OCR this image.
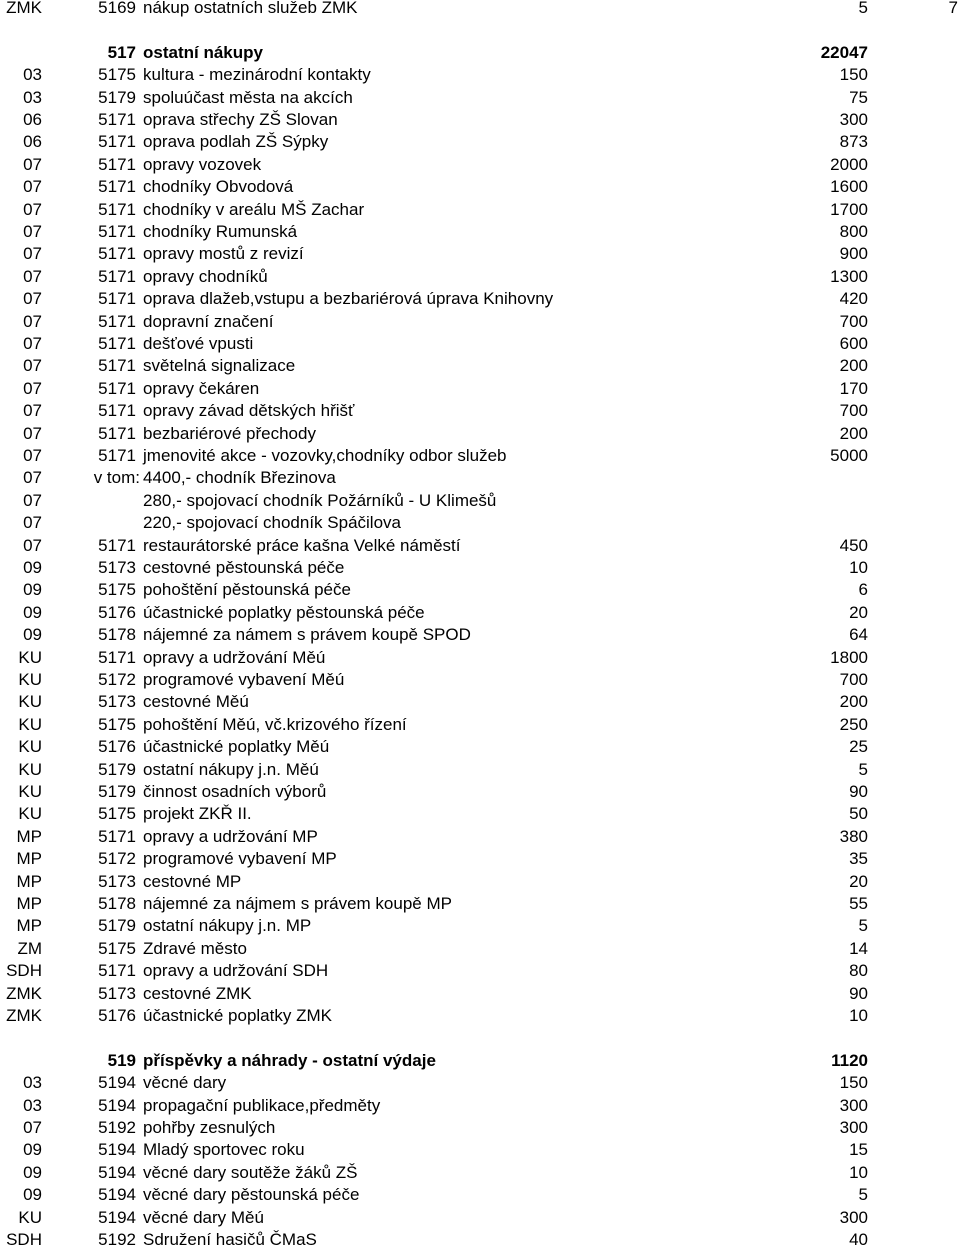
ZMK	5169 nákup ostatních služeb ZMK	5	7
517 ostatní nákupy	22047
03	5175 kultura - mezinárodní kontakty	150
03	5179 spoluúčast města na akcích	75
06	5171 oprava střechy ZŠ Slovan	300
06	5171 oprava podlah ZŠ Sýpky	873
07	5171 opravy vozovek	2000
07	5171 chodníky Obvodová	1600
07	5171 chodníky v areálu MŠ Zachar	1700
07	5171 chodníky Rumunská	800
07	5171 opravy mostů z revizí	900
07	5171 opravy chodníků	1300
07	5171 oprava dlažeb,vstupu a bezbariérová úprava Knihovny	420
07	5171 dopravní značení	700
07	5171 dešťové vpusti	600
07	5171 světelná signalizace	200
07	5171 opravy čekáren	170
07	5171 opravy závad dětských hřišť	700
07	5171 bezbariérové přechody	200
07	5171 jmenovité akce - vozovky,chodníky odbor služeb	5000
07	v tom: 4400,- chodník Březinova
07	280,- spojovací chodník Požárníků - U Klimešů
07	220,- spojovací chodník Spáčilova
07	5171 restaurátorské práce kašna Velké náměstí	450
09	5173 cestovné pěstounská péče	10
09	5175 pohoštění pěstounská péče	6
09	5176 účastnické poplatky pěstounská péče	20
09	5178 nájemné za námem s právem koupě SPOD	64
KU	5171 opravy a udržování Měú	1800
KU	5172 programové vybavení Měú	700
KU	5173 cestovné Měú	200
KU	5175 pohoštění Měú, vč.krizového řízení	250
KU	5176 účastnické poplatky Měú	25
KU	5179 ostatní nákupy j.n. Měú	5
KU	5179 činnost osadních výborů	90
KU	5175 projekt ZKŘ II.	50
MP	5171 opravy a udržování MP	380
MP	5172 programové vybavení MP	35
MP	5173 cestovné MP	20
MP	5178 nájemné za nájmem s právem koupě MP	55
MP	5179 ostatní nákupy j.n. MP	5
ZM	5175 Zdravé město	14
SDH	5171 opravy a udržování SDH	80
ZMK	5173 cestovné ZMK	90
ZMK	5176 účastnické poplatky ZMK	10
519 příspěvky a náhrady - ostatní výdaje	1120
03	5194 věcné dary	150
03	5194 propagační publikace,předměty	300
07	5192 pohřby zesnulých	300
09	5194 Mladý sportovec roku	15
09	5194 věcné dary soutěže žáků ZŠ	10
09	5194 věcné dary pěstounská péče	5
KU	5194 věcné dary Měú	300
SDH	5192 Sdružení hasičů ČMaS	40
